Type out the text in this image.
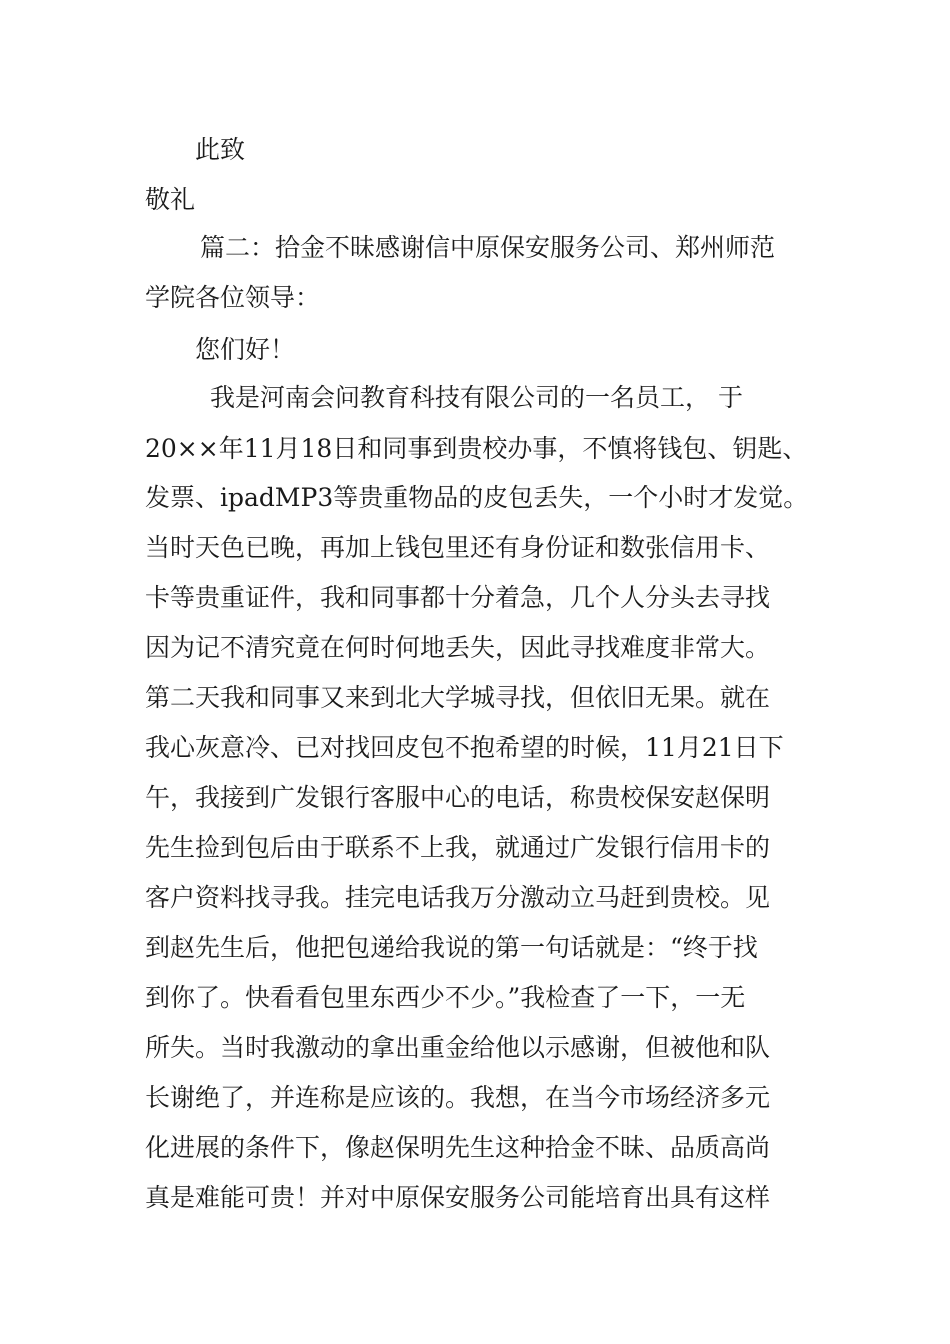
此致
敬礼
篇二：拾金不昧感谢信中原保安服务公司、郑州师范
学院各位领导：
您们好！
我是河南会问教育科技有限公司的一名员工， 于
20××年11月18日和同事到贵校办事，不慎将钱包、钥匙、
发票、ipadMP3等贵重物品的皮包丢失，一个小时才发觉。
当时天色已晚，再加上钱包里还有身份证和数张信用卡、
卡等贵重证件，我和同事都十分着急，几个人分头去寻找
因为记不清究竟在何时何地丢失，因此寻找难度非常大。
第二天我和同事又来到北大学城寻找，但依旧无果。就在
我心灰意冷、已对找回皮包不抱希望的时候，11月21日下
午，我接到广发银行客服中心的电话，称贵校保安赵保明
先生捡到包后由于联系不上我，就通过广发银行信用卡的
客户资料找寻我。挂完电话我万分激动立马赶到贵校。见
到赵先生后，他把包递给我说的第一句话就是：“终于找
到你了。快看看包里东西少不少。”我检查了一下，一无
所失。当时我激动的拿出重金给他以示感谢，但被他和队
长谢绝了，并连称是应该的。我想，在当今市场经济多元
化进展的条件下，像赵保明先生这种拾金不昧、品质高尚
真是难能可贵！并对中原保安服务公司能培育出具有这样
